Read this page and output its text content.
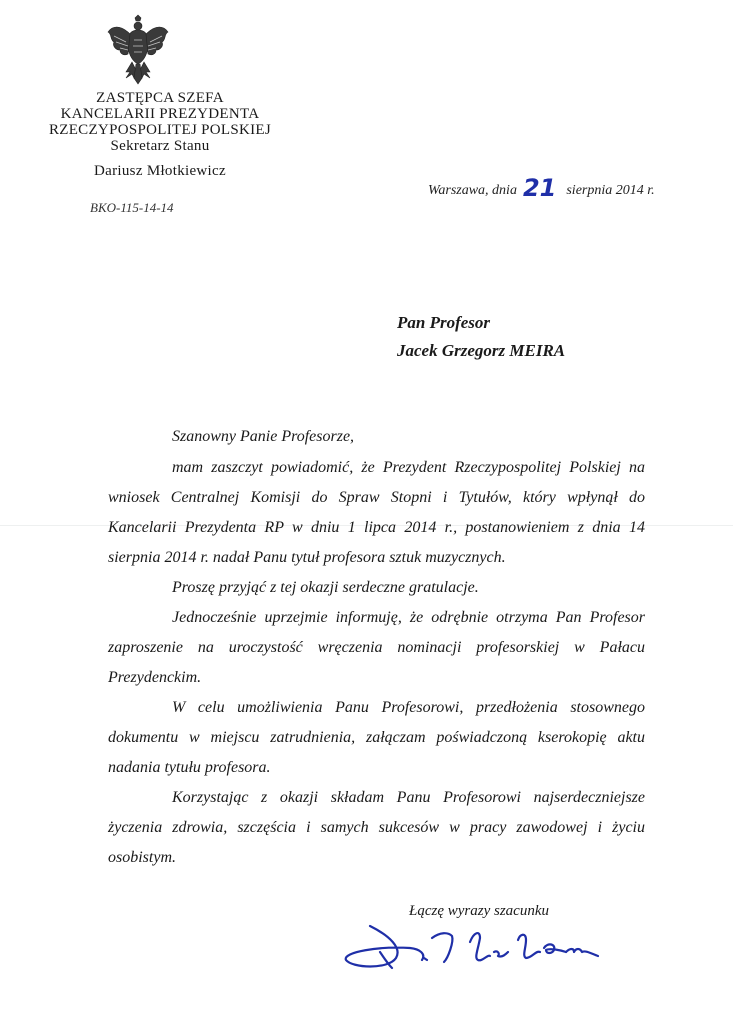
ZASTĘPCA SZEFA
KANCELARII PREZYDENTA
RZECZYPOSPOLITEJ POLSKIEJ
Sekretarz Stanu
Dariusz Młotkiewicz
BKO-115-14-14
Warszawa, dnia 21 sierpnia 2014 r.
Pan Profesor
Jacek Grzegorz MEIRA
Szanowny Panie Profesorze,

mam zaszczyt powiadomić, że Prezydent Rzeczypospolitej Polskiej na wniosek Centralnej Komisji do Spraw Stopni i Tytułów, który wpłynął do Kancelarii Prezydenta RP w dniu 1 lipca 2014 r., postanowieniem z dnia 14 sierpnia 2014 r. nadał Panu tytuł profesora sztuk muzycznych.

Proszę przyjąć z tej okazji serdeczne gratulacje.

Jednocześnie uprzejmie informuję, że odrębnie otrzyma Pan Profesor zaproszenie na uroczystość wręczenia nominacji profesorskiej w Pałacu Prezydenckim.

W celu umożliwienia Panu Profesorowi, przedłożenia stosownego dokumentu w miejscu zatrudnienia, załączam poświadczoną kserokopię aktu nadania tytułu profesora.

Korzystając z okazji składam Panu Profesorowi najserdeczniejsze życzenia zdrowia, szczęścia i samych sukcesów w pracy zawodowej i życiu osobistym.

Łączę wyrazy szacunku
